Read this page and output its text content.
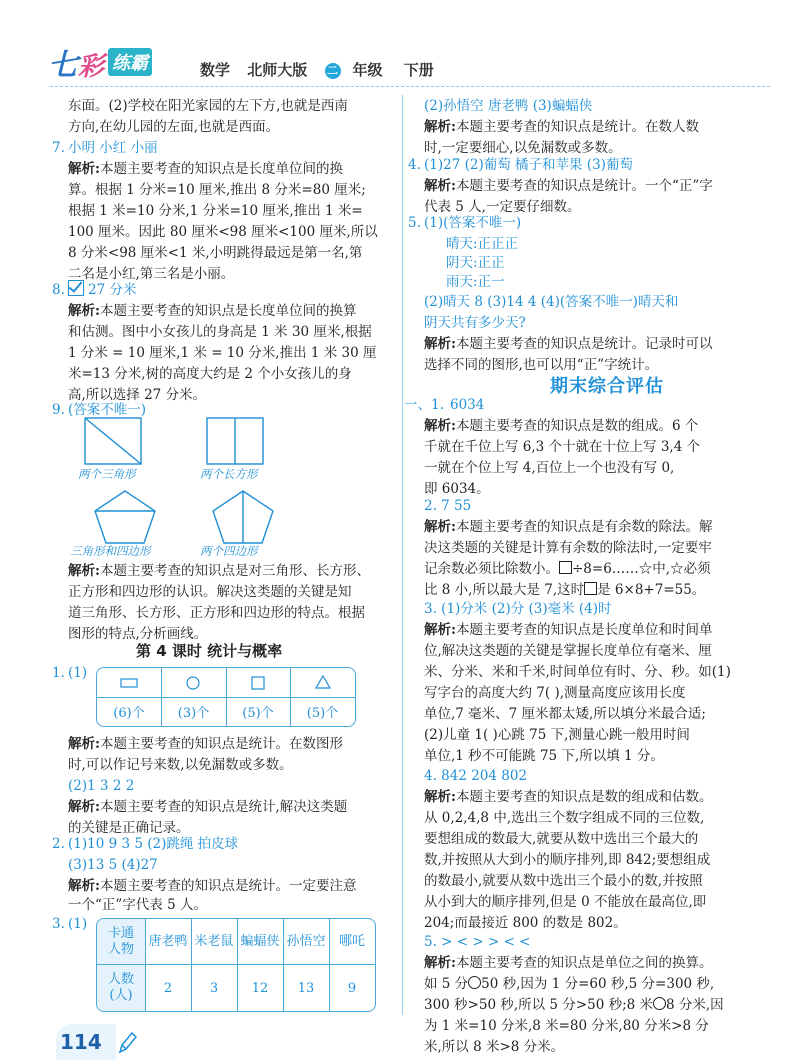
七彩 练霸	数学 北师大版 二 年级 下册
东面。(2)学校在阳光家园的左下方,也就是西南
方向,在幼儿园的左面,也就是西面。
7. 小明 小红 小丽
解析:本题主要考查的知识点是长度单位间的换
算。根据 1 分米=10 厘米,推出 8 分米=80 厘米;
根据 1 米=10 分米,1 分米=10 厘米,推出 1 米=
100 厘米。因此 80 厘米<98 厘米<100 厘米,所以
8 分米<98 厘米<1 米,小明跳得最远是第一名,第
二名是小红,第三名是小丽。
8.	27 分米
解析:本题主要考查的知识点是长度单位间的换算
和估测。图中小女孩儿的身高是 1 米 30 厘米,根据
1 分米 = 10 厘米,1 米 = 10 分米,推出 1 米 30 厘
米=13 分米,树的高度大约是 2 个小女孩儿的身
高,所以选择 27 分米。
9. (答案不唯一)
两个三角形	两个长方形
三角形和四边形	两个四边形
解析:本题主要考查的知识点是对三角形、长方形、
正方形和四边形的认识。解决这类题的关键是知
道三角形、长方形、正方形和四边形的特点。根据
图形的特点,分析画线。
第 4 课时 统计与概率
1. (1)
(6)个	(3)个	(5)个	(5)个
解析:本题主要考查的知识点是统计。在数图形
时,可以作记号来数,以免漏数或多数。
(2)1 3 2 2
解析:本题主要考查的知识点是统计,解决这类题
的关键是正确记录。
2. (1)10 9 3 5 (2)跳绳 拍皮球
(3)13 5 (4)27
解析:本题主要考查的知识点是统计。一定要注意
一个“正”字代表 5 人。
3. (1)
卡通
人物
唐老鸭 米老鼠 蝙蝠侠 孙悟空	哪吒
人数
(人)	2	3	12	13	9
(2)孙悟空 唐老鸭 (3)蝙蝠侠
解析:本题主要考查的知识点是统计。在数人数
时,一定要细心,以免漏数或多数。
4. (1)27 (2)葡萄 橘子和苹果 (3)葡萄
解析:本题主要考查的知识点是统计。一个“正”字
代表 5 人,一定要仔细数。
5. (1)(答案不唯一)
晴天:正正正
阴天:正正
雨天:正一
(2)晴天 8 (3)14 4 (4)(答案不唯一)晴天和
阴天共有多少天?
解析:本题主要考查的知识点是统计。记录时可以
选择不同的图形,也可以用“正”字统计。
期末综合评估
一、1. 6034
解析:本题主要考查的知识点是数的组成。6 个
千就在千位上写 6,3 个十就在十位上写 3,4 个
一就在个位上写 4,百位上一个也没有写 0,
即 6034。
2. 7 55
解析:本题主要考查的知识点是有余数的除法。解
决这类题的关键是计算有余数的除法时,一定要牢
记余数必须比除数小。 ÷8=6……☆中,☆必须
比 8 小,所以最大是 7,这时 是 6×8+7=55。
3. (1)分米 (2)分 (3)毫米 (4)时
解析:本题主要考查的知识点是长度单位和时间单
位,解决这类题的关键是掌握长度单位有毫米、厘
米、分米、米和千米,时间单位有时、分、秒。如(1)
写字台的高度大约 7( ),测量高度应该用长度
单位,7 毫米、7 厘米都太矮,所以填分米最合适;
(2)儿童 1( )心跳 75 下,测量心跳一般用时间
单位,1 秒不可能跳 75 下,所以填 1 分。
4. 842 204 802
解析:本题主要考查的知识点是数的组成和估数。
从 0,2,4,8 中,选出三个数字组成不同的三位数,
要想组成的数最大,就要从数中选出三个最大的
数,并按照从大到小的顺序排列,即 842;要想组成
的数最小,就要从数中选出三个最小的数,并按照
从小到大的顺序排列,但是 0 不能放在最高位,即
204;而最接近 800 的数是 802。
5. > < > > < <
解析:本题主要考查的知识点是单位之间的换算。
如 5 分 50 秒,因为 1 分=60 秒,5 分=300 秒,
300 秒>50 秒,所以 5 分>50 秒;8 米 8 分米,因
为 1 米=10 分米,8 米=80 分米,80 分米>8 分
米,所以 8 米>8 分米。
114
